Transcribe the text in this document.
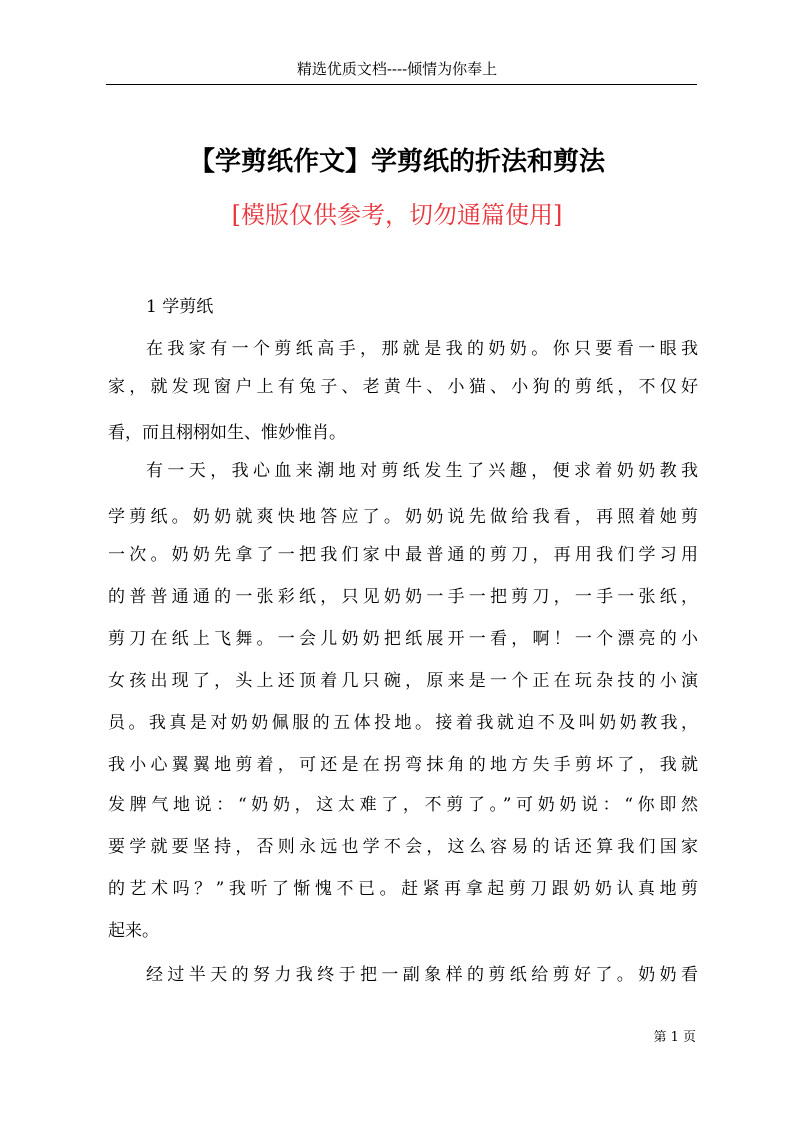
精选优质文档----倾情为你奉上
【学剪纸作文】学剪纸的折法和剪法
[模版仅供参考，切勿通篇使用]
1 学剪纸
在我家有一个剪纸高手，那就是我的奶奶。你只要看一眼我
家，就发现窗户上有兔子、老黄牛、小猫、小狗的剪纸，不仅好
看，而且栩栩如生、惟妙惟肖。
有一天，我心血来潮地对剪纸发生了兴趣，便求着奶奶教我
学剪纸。奶奶就爽快地答应了。奶奶说先做给我看，再照着她剪
一次。奶奶先拿了一把我们家中最普通的剪刀，再用我们学习用
的普普通通的一张彩纸，只见奶奶一手一把剪刀，一手一张纸，
剪刀在纸上飞舞。一会儿奶奶把纸展开一看，啊！一个漂亮的小
女孩出现了，头上还顶着几只碗，原来是一个正在玩杂技的小演
员。我真是对奶奶佩服的五体投地。接着我就迫不及叫奶奶教我，
我小心翼翼地剪着，可还是在拐弯抹角的地方失手剪坏了，我就
发脾气地说：“奶奶，这太难了，不剪了。”可奶奶说：“你即然
要学就要坚持，否则永远也学不会，这么容易的话还算我们国家
的艺术吗？”我听了惭愧不已。赶紧再拿起剪刀跟奶奶认真地剪
起来。
经过半天的努力我终于把一副象样的剪纸给剪好了。奶奶看
第 1 页
